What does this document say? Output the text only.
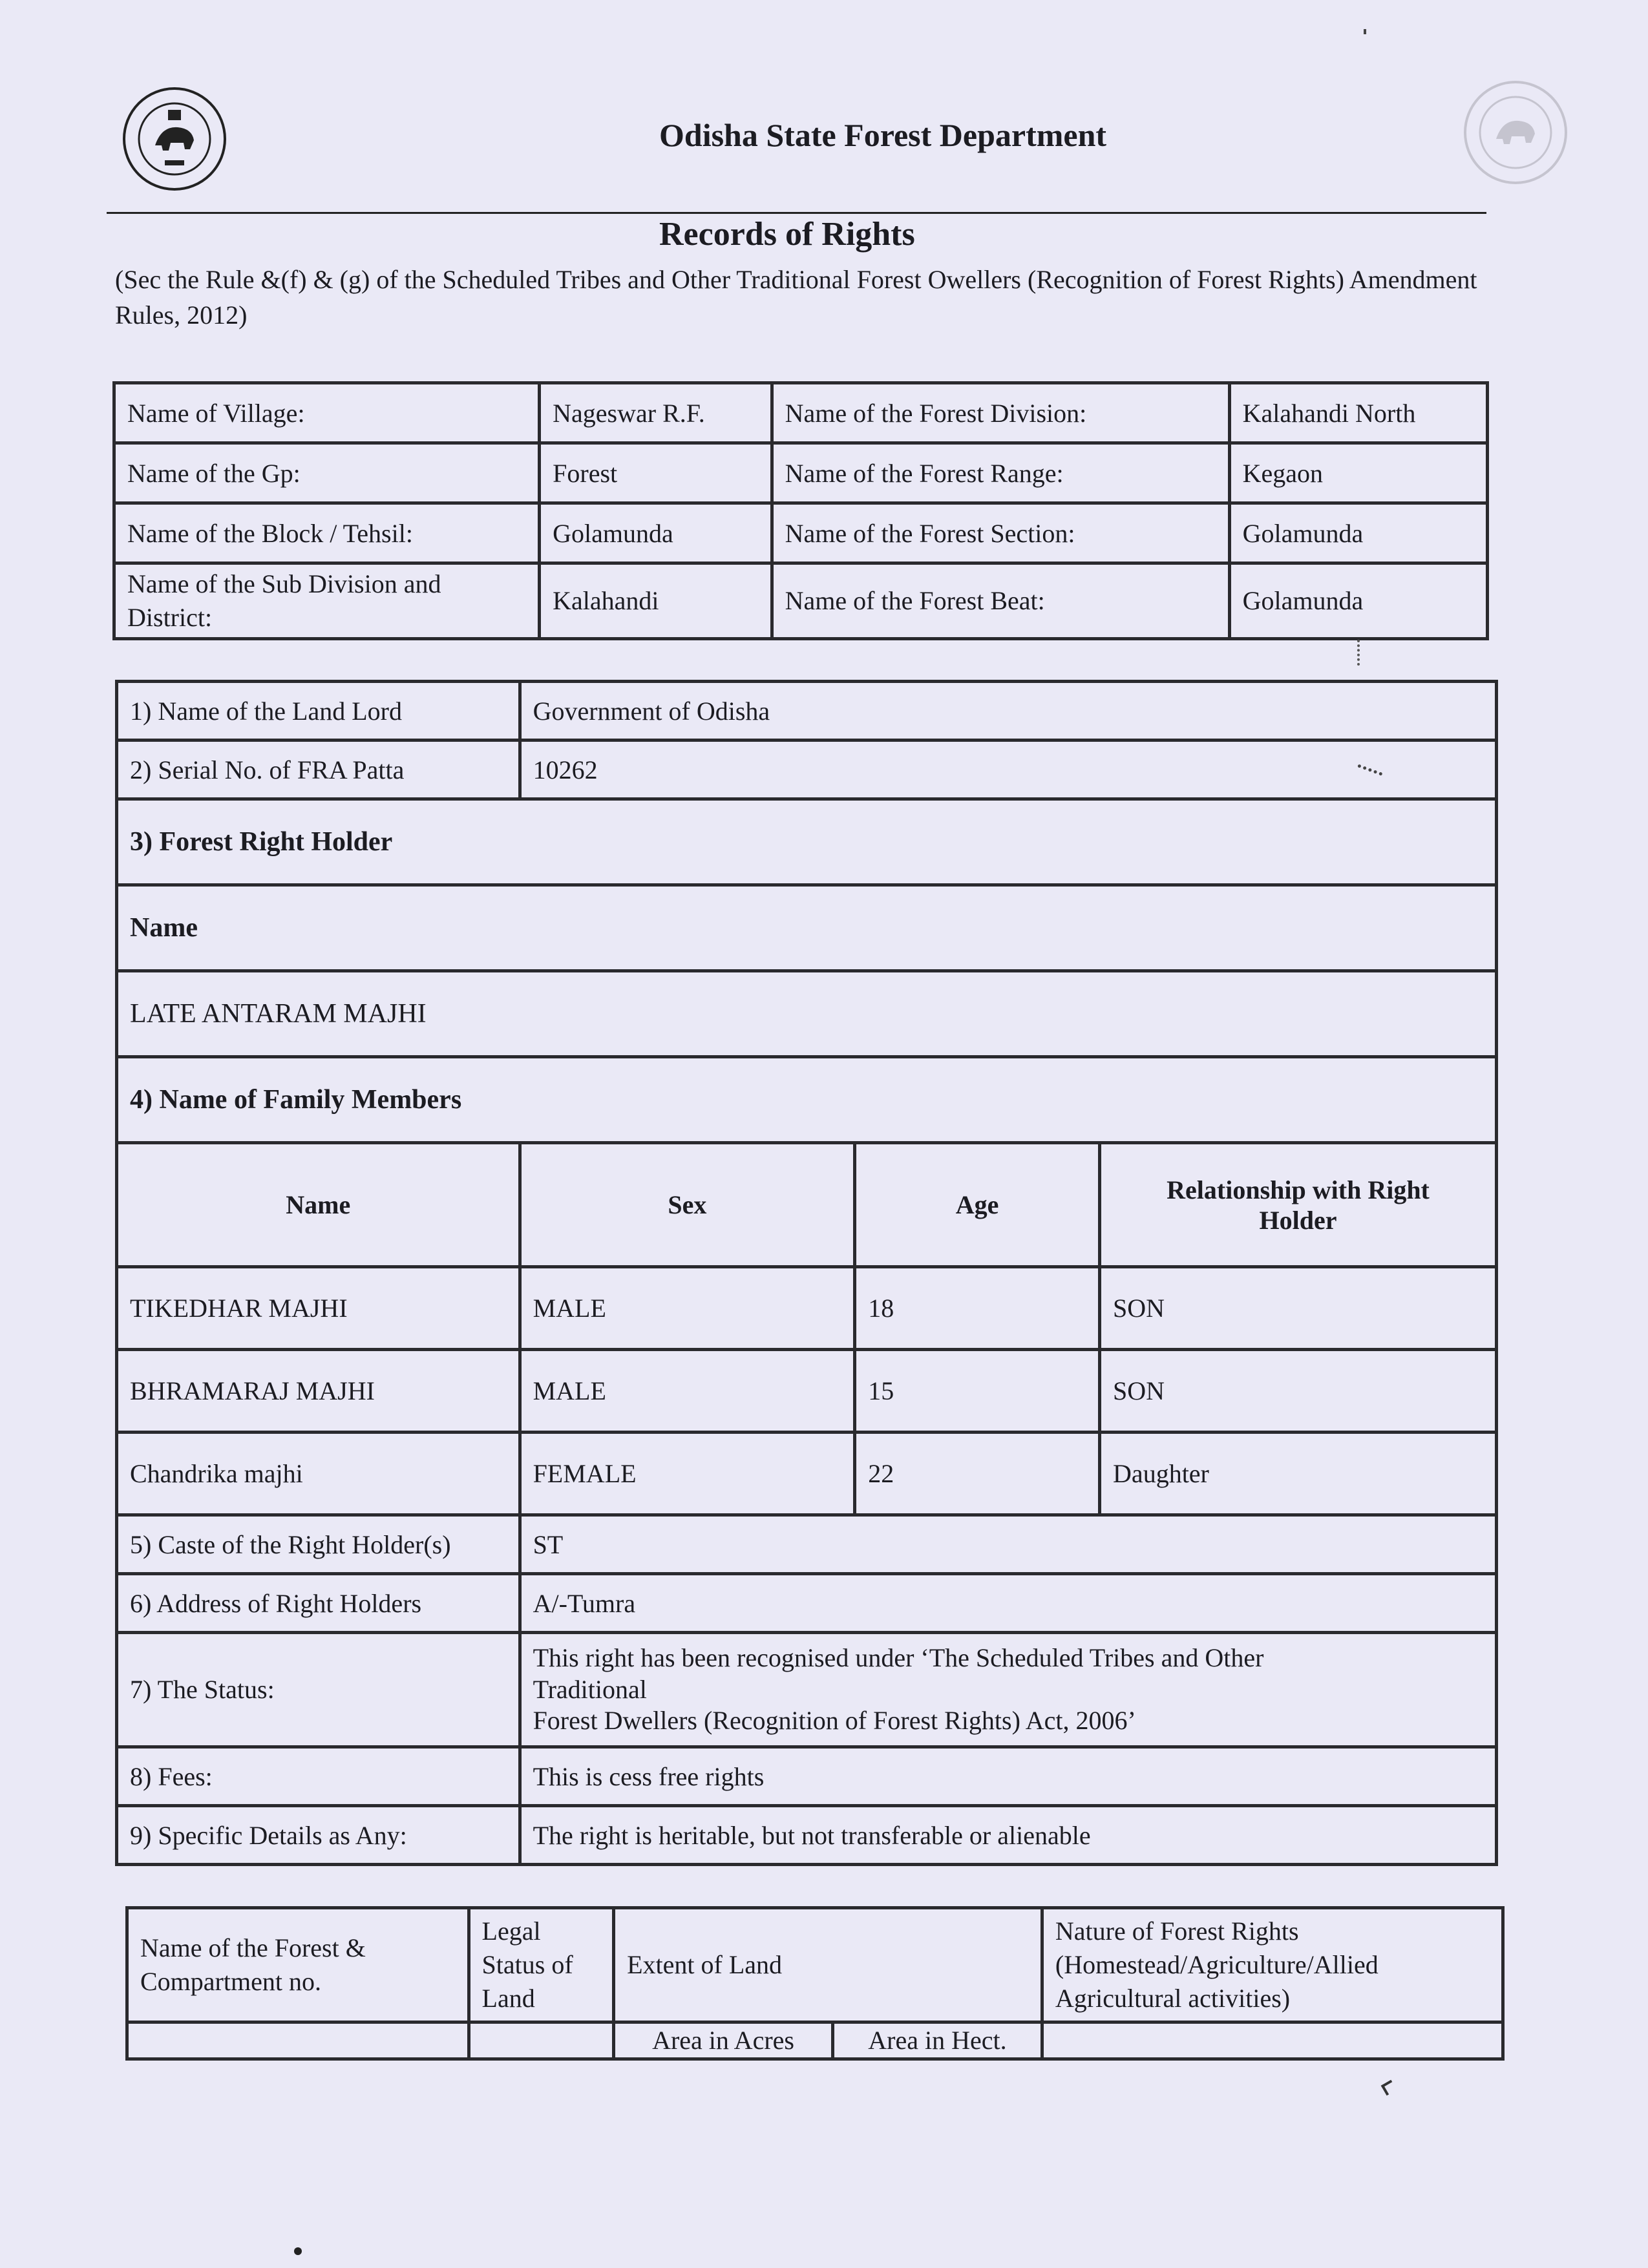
Odisha State Forest Department
Records of Rights
(Sec the Rule &(f) & (g) of the Scheduled Tribes and Other Traditional Forest Owellers (Recognition of Forest Rights) Amendment Rules, 2012)
Name of Village:	Nageswar R.F.	Name of the Forest Division:	Kalahandi North
Name of the Gp:	Forest	Name of the Forest Range:	Kegaon
Name of the Block / Tehsil:	Golamunda	Name of the Forest Section:	Golamunda
Name of the Sub Division and District:	Kalahandi	Name of the Forest Beat:	Golamunda
1) Name of the Land Lord	Government of Odisha		
2) Serial No. of FRA Patta	10262		
3) Forest Right Holder			
Name			
LATE ANTARAM MAJHI			
4) Name of Family Members			
Name	Sex	Age	Relationship with Right Holder
TIKEDHAR MAJHI	MALE	18	SON
BHRAMARAJ MAJHI	MALE	15	SON
Chandrika majhi	FEMALE	22	Daughter
5) Caste of the Right Holder(s)	ST		
6) Address of Right Holders	A/-Tumra		
7) The Status:	This right has been recognised under ‘The Scheduled Tribes and Other
Traditional
Forest Dwellers (Recognition of Forest Rights) Act, 2006’		

8) Fees:	This is cess free rights		
9) Specific Details as Any:	The right is heritable, but not transferable or alienable		
Name of the Forest & Compartment no.	Legal Status of Land	Extent of Land		Nature of Forest Rights (Homestead/Agriculture/Allied Agricultural activities)
		Area in Acres	Area in Hect.	
